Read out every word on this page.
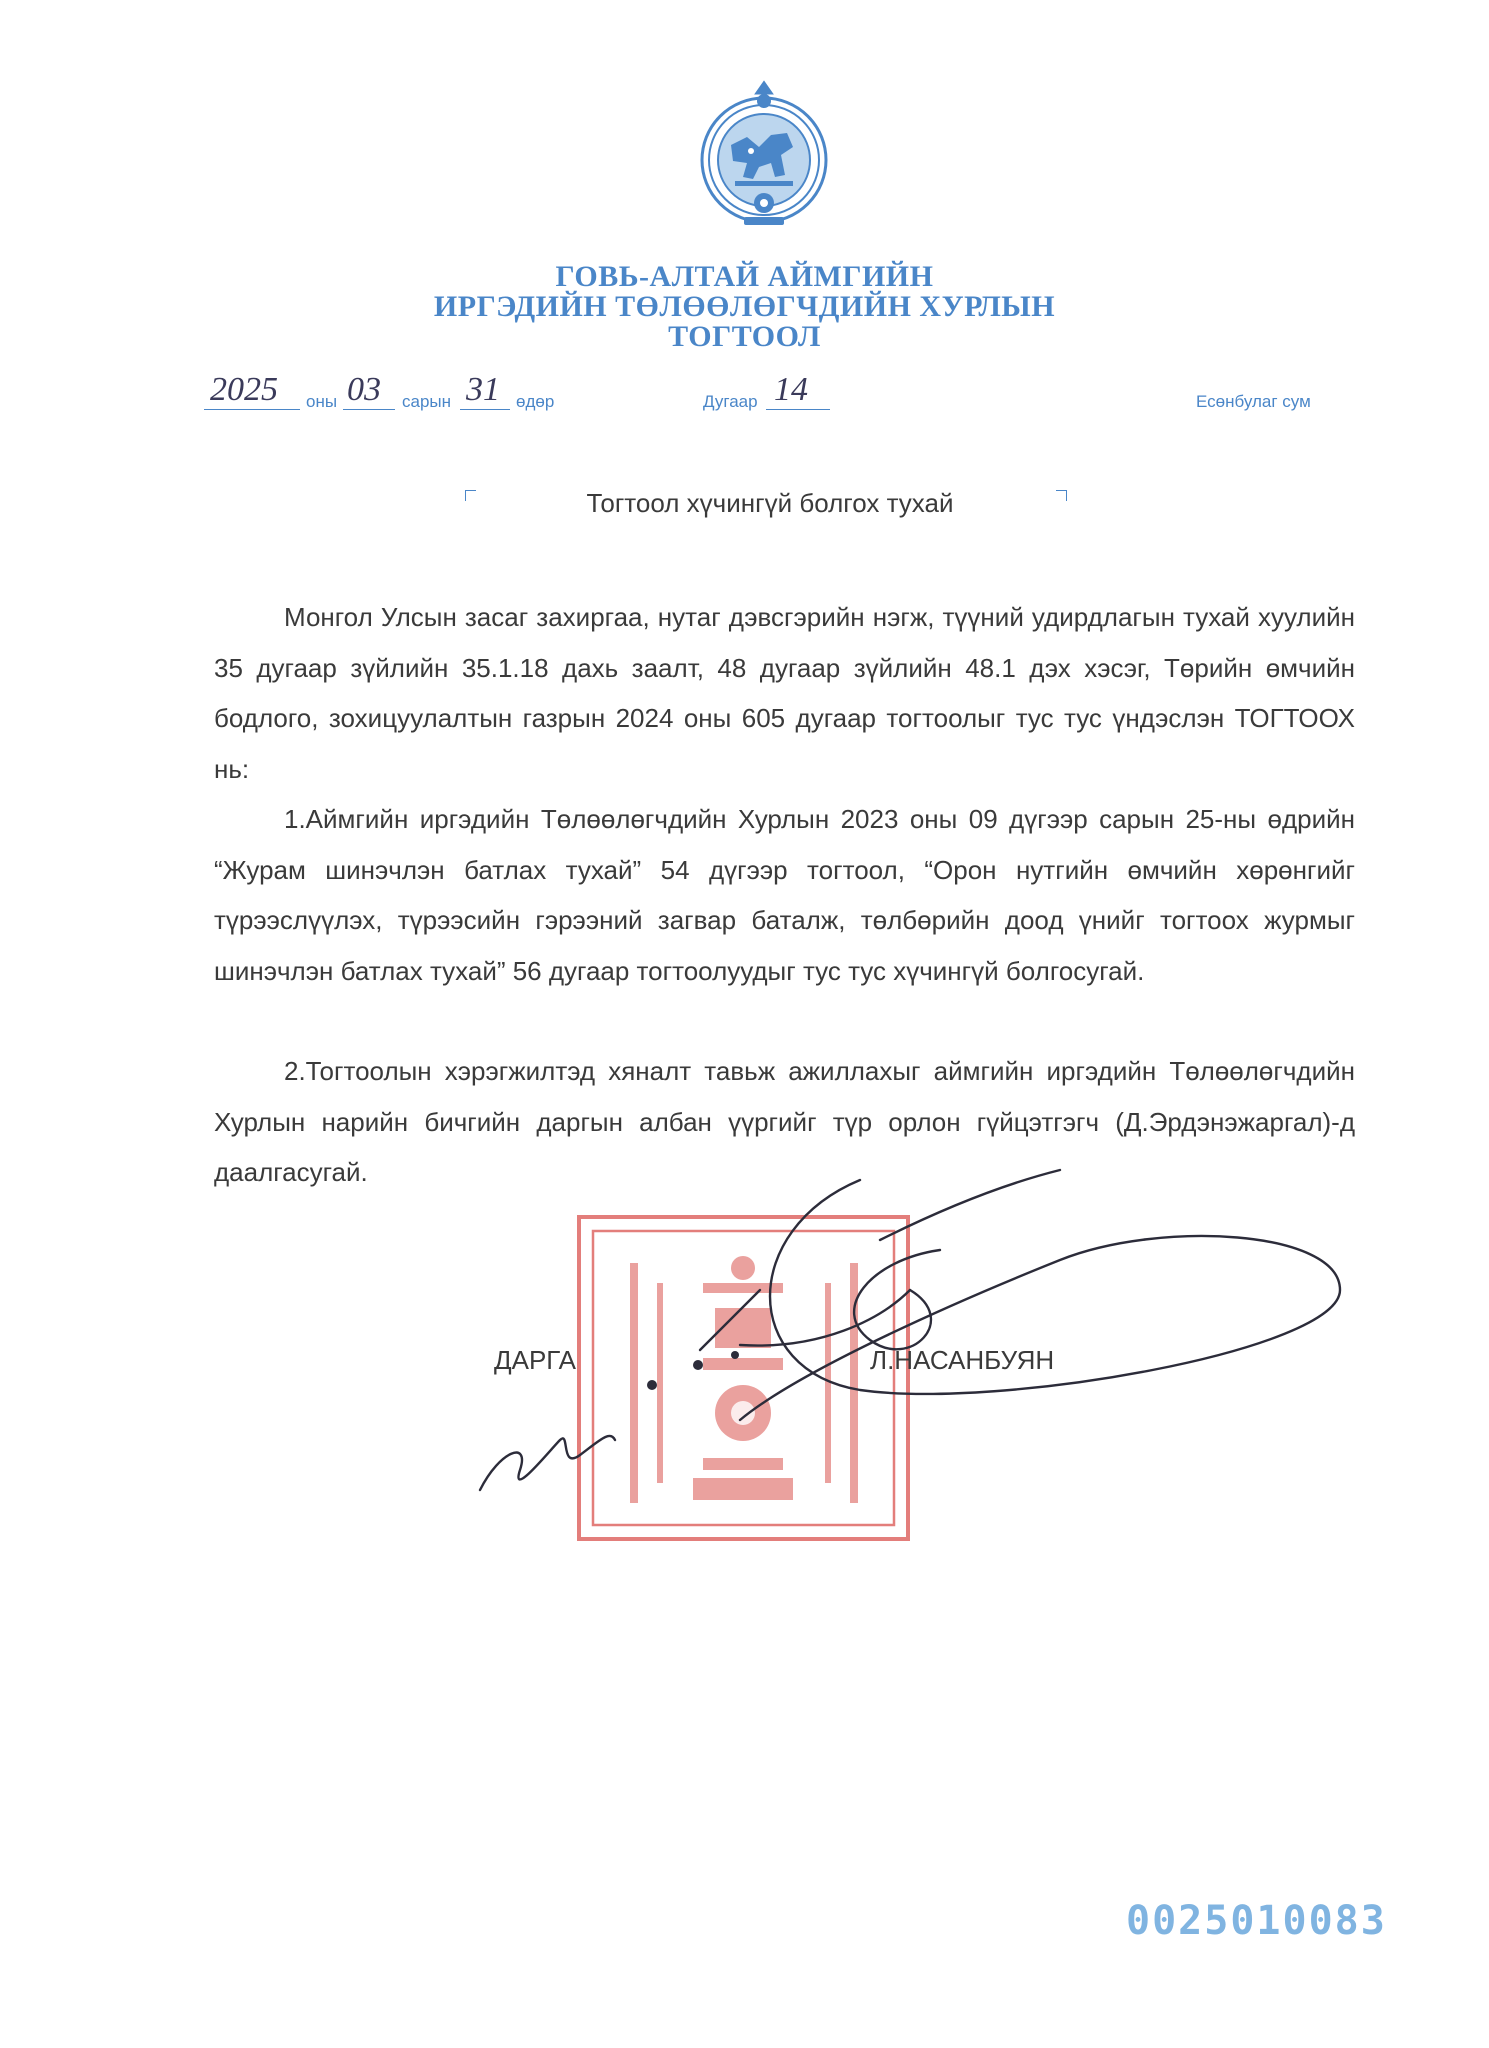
ГОВЬ-АЛТАЙ АЙМГИЙН
ИРГЭДИЙН ТӨЛӨӨЛӨГЧДИЙН ХУРЛЫН
ТОГТООЛ
2025 оны 03 сарын 31 өдөр	Дугаар 14	Есөнбулаг сум
Тогтоол хүчингүй болгох тухай
Монгол Улсын засаг захиргаа, нутаг дэвсгэрийн нэгж, түүний удирдлагын тухай хуулийн 35 дугаар зүйлийн 35.1.18 дахь заалт, 48 дугаар зүйлийн 48.1 дэх хэсэг, Төрийн өмчийн бодлого, зохицуулалтын газрын 2024 оны 605 дугаар тогтоолыг тус тус үндэслэн ТОГТООХ нь:
1.Аймгийн иргэдийн Төлөөлөгчдийн Хурлын 2023 оны 09 дүгээр сарын 25-ны өдрийн “Журам шинэчлэн батлах тухай” 54 дүгээр тогтоол, “Орон нутгийн өмчийн хөрөнгийг түрээслүүлэх, түрээсийн гэрээний загвар баталж, төлбөрийн доод үнийг тогтоох журмыг шинэчлэн батлах тухай” 56 дугаар тогтоолуудыг тус тус хүчингүй болгосугай.
2.Тогтоолын хэрэгжилтэд хяналт тавьж ажиллахыг аймгийн иргэдийн Төлөөлөгчдийн Хурлын нарийн бичгийн даргын албан үүргийг түр орлон гүйцэтгэгч (Д.Эрдэнэжаргал)-д даалгасугай.
ДАРГА	Л.НАСАНБУЯН
0025010083
